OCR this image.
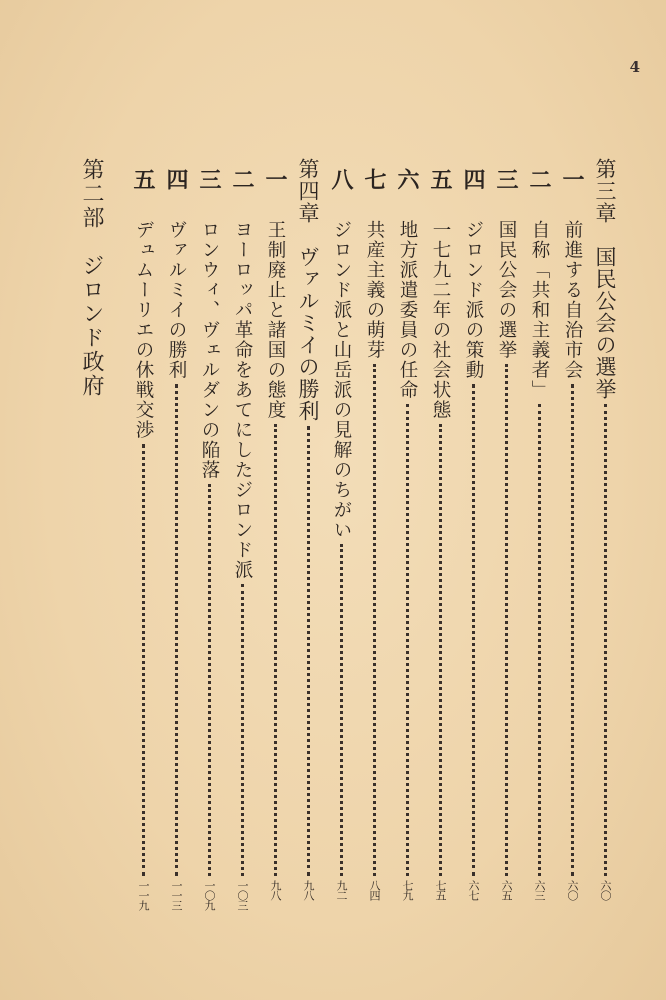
4
第三章　国民公会の選挙
六〇
一
前進する自治市会
六〇
二
自称「共和主義者」
六三
三
国民公会の選挙
六五
四
ジロンド派の策動
六七
五
一七九二年の社会状態
七五
六
地方派遣委員の任命
七九
七
共産主義の萌芽
八四
八
ジロンド派と山岳派の見解のちがい
九二
第四章　ヴァルミイの勝利
九八
一
王制廃止と諸国の態度
九八
二
ヨーロッパ革命をあてにしたジロンド派
一〇三
三
ロンウィ、ヴェルダンの陥落
一〇九
四
ヴァルミイの勝利
一一三
五
デュムーリエの休戦交渉
一一九
第二部　ジロンド政府
